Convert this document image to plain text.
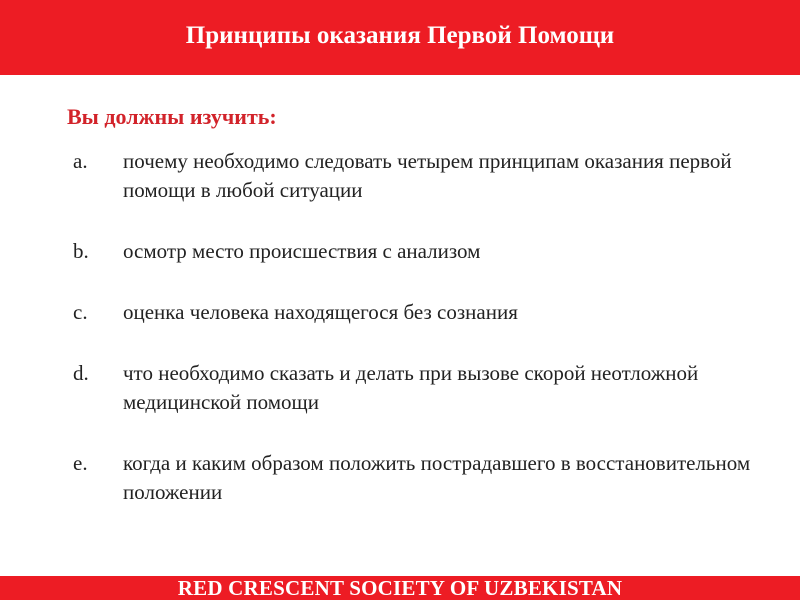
Принципы оказания Первой Помощи

Вы должны изучить:

a.	почему необходимо следовать четырем принципам оказания первой помощи в любой ситуации
b.	осмотр место происшествия с анализом
c.	оценка человека находящегося без сознания
d.	что необходимо сказать и делать при вызове скорой неотложной медицинской помощи
e.	когда и каким образом положить пострадавшего в восстановительном положении
RED CRESCENT SOCIETY OF UZBEKISTAN
